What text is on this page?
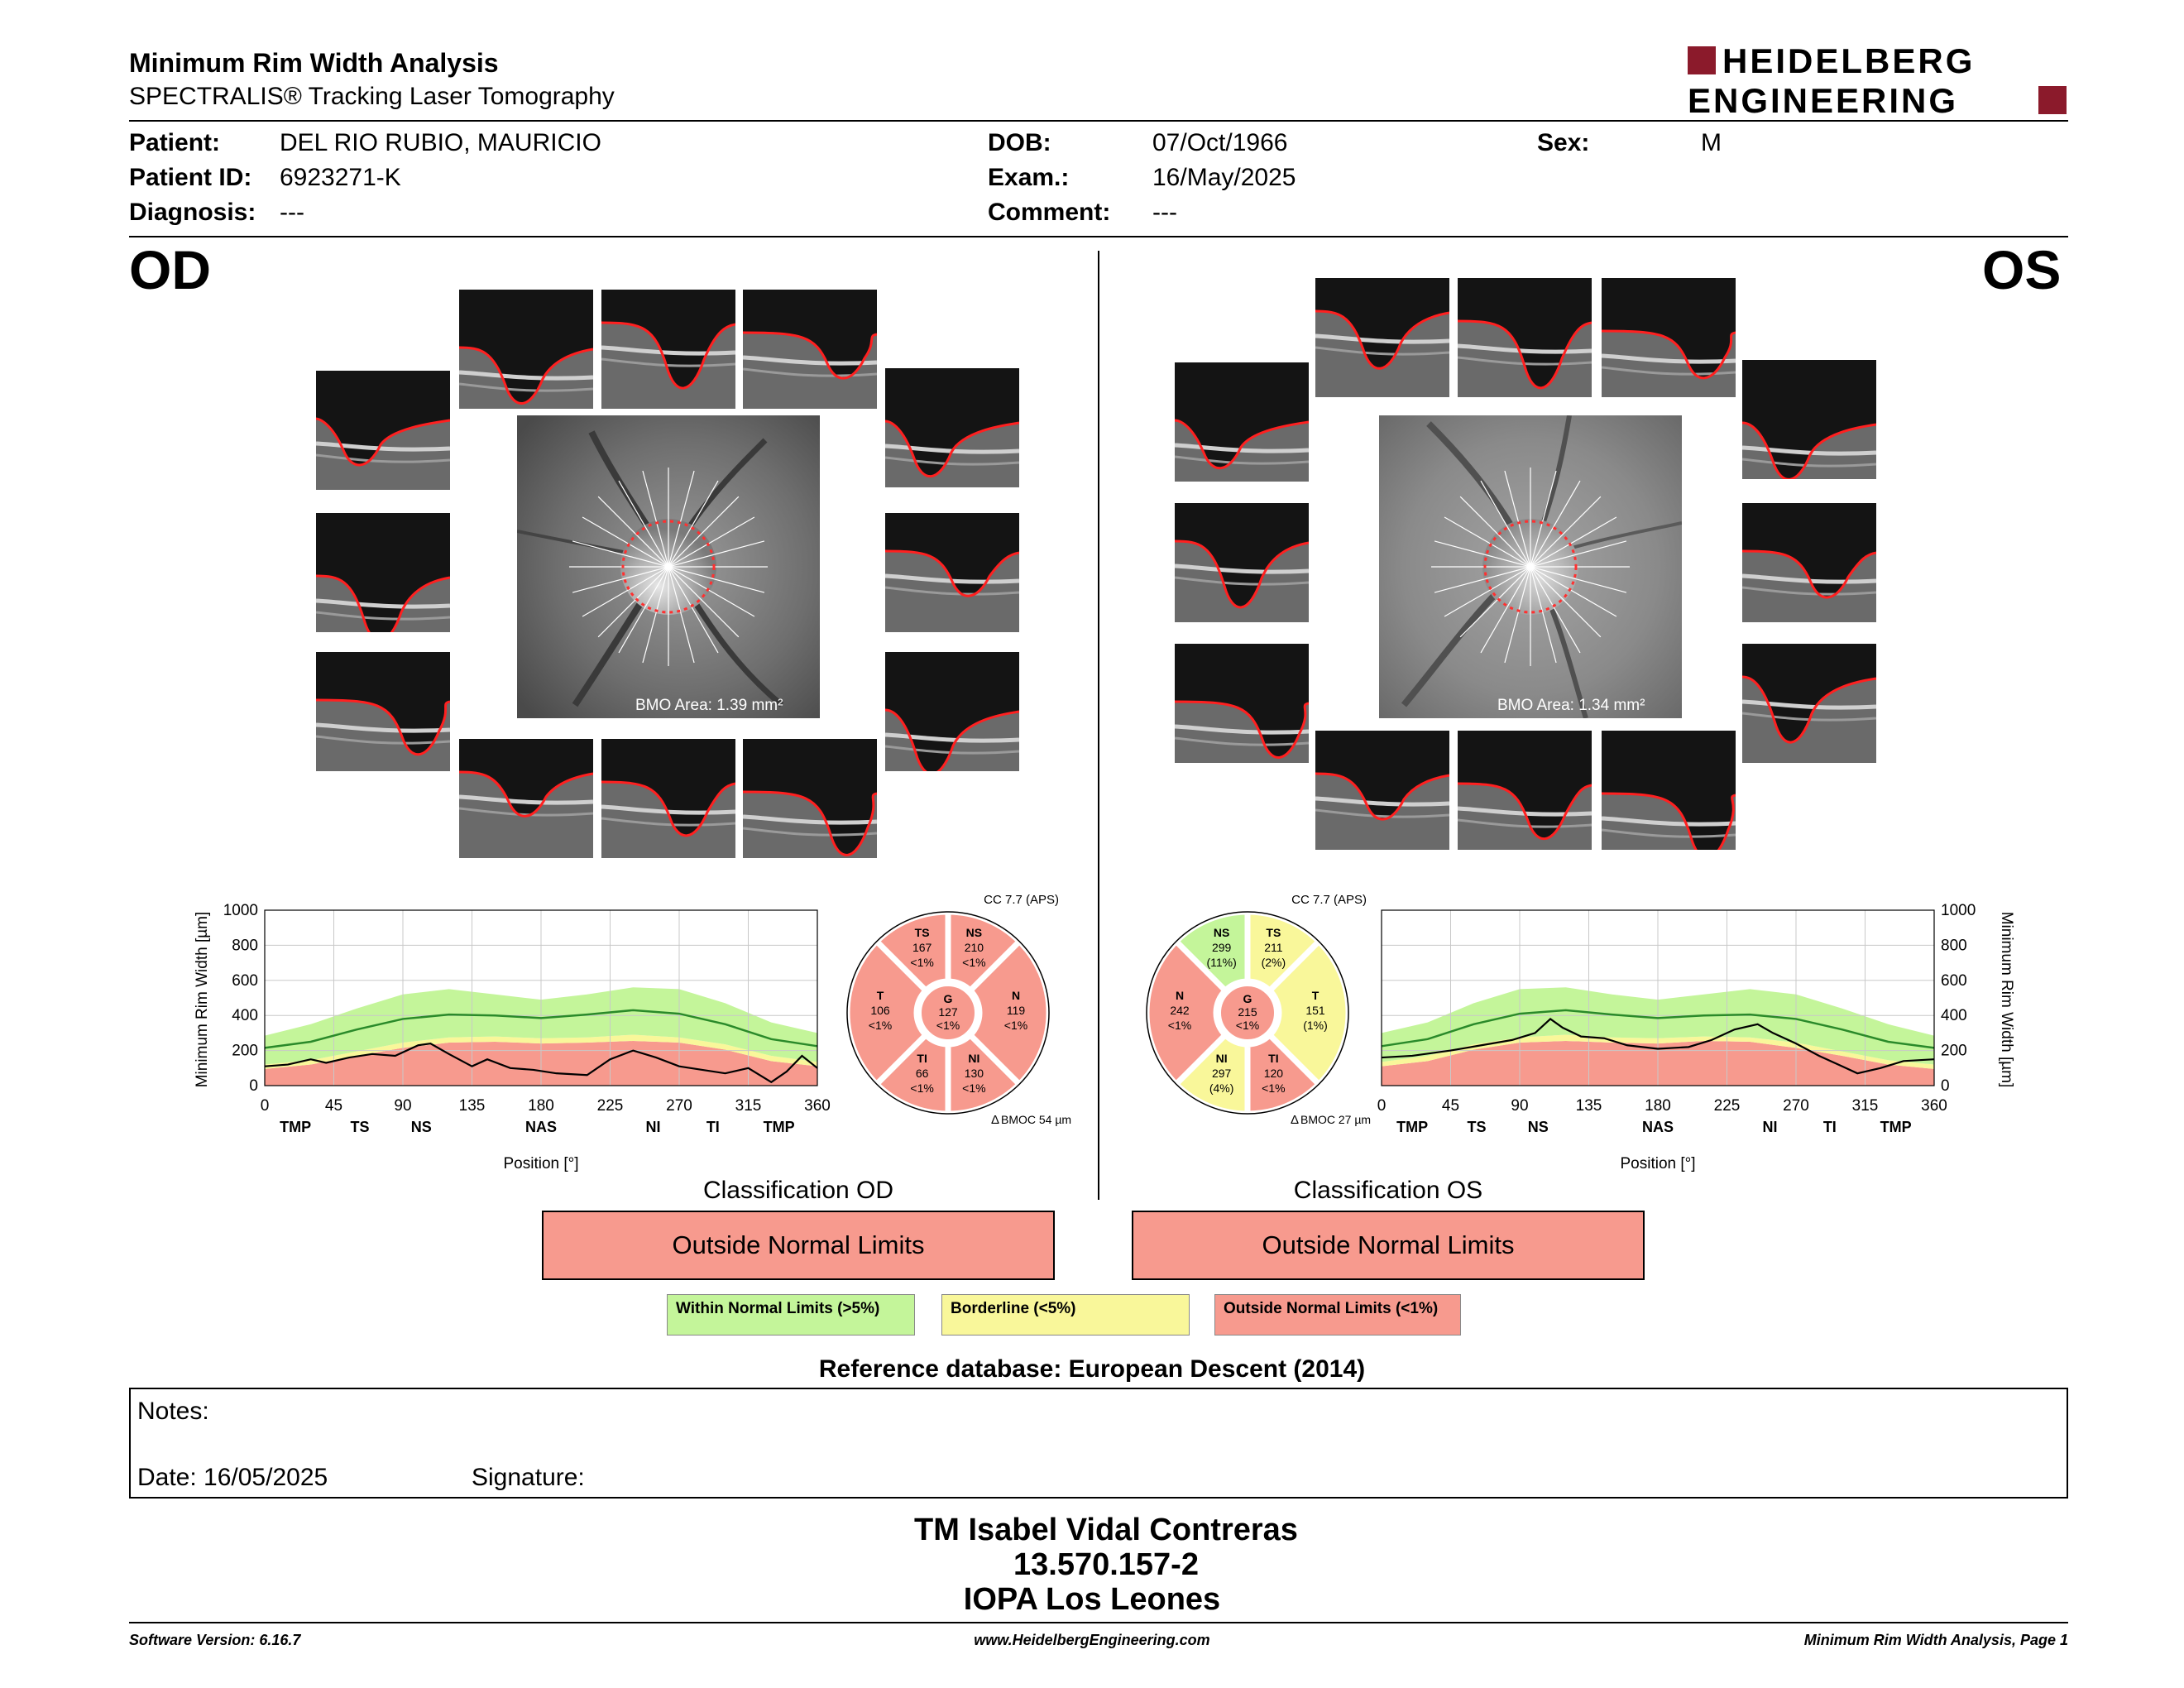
Minimum Rim Width Analysis
SPECTRALIS® Tracking Laser Tomography
HEIDELBERG
ENGINEERING
Patient: DEL RIO RUBIO, MAURICIO
Patient ID: 6923271-K
Diagnosis: ---
DOB:	07/Oct/1966
Exam.:	16/May/2025
Comment: ---
Sex:	M
OD	OS
BMO Area: 1.39 mm²	BMO Area: 1.34 mm²
0
200
400
600
800
1000
0	45	90	135	180	225	270	315	360
TMP	TS	NS	NAS	NI	TI	TMP
Minimum Rim Width [µm]
Position [°]
0
200
400
600
800
1000
0	45	90	135	180	225	270	315	360
TMP	TS	NS	NAS	NI	TI	TMP
Minimum Rim Width [µm]
Position [°]
CC 7.7 (APS)
NS
210
<1%
TS
167
<1%
T
106
<1%
TI
66
<1%
NI
130
<1%
N
119
<1%
G
127
<1%
Δ BMOC 54 µm
CC 7.7 (APS)
TS
211
(2%)
NS
299
(11%)
N
242
<1%
NI
297
(4%)
TI
120
<1%
T
151
(1%)
G
215
<1%
Δ BMOC 27 µm
Classification OD
Outside Normal Limits
Classification OS
Outside Normal Limits
Within Normal Limits (>5%)	Borderline (<5%)	Outside Normal Limits (<1%)
Reference database: European Descent (2014)
Notes:
Date: 16/05/2025	Signature:
TM Isabel Vidal Contreras
13.570.157-2
IOPA Los Leones
Software Version: 6.16.7	www.HeidelbergEngineering.com	Minimum Rim Width Analysis, Page 1
